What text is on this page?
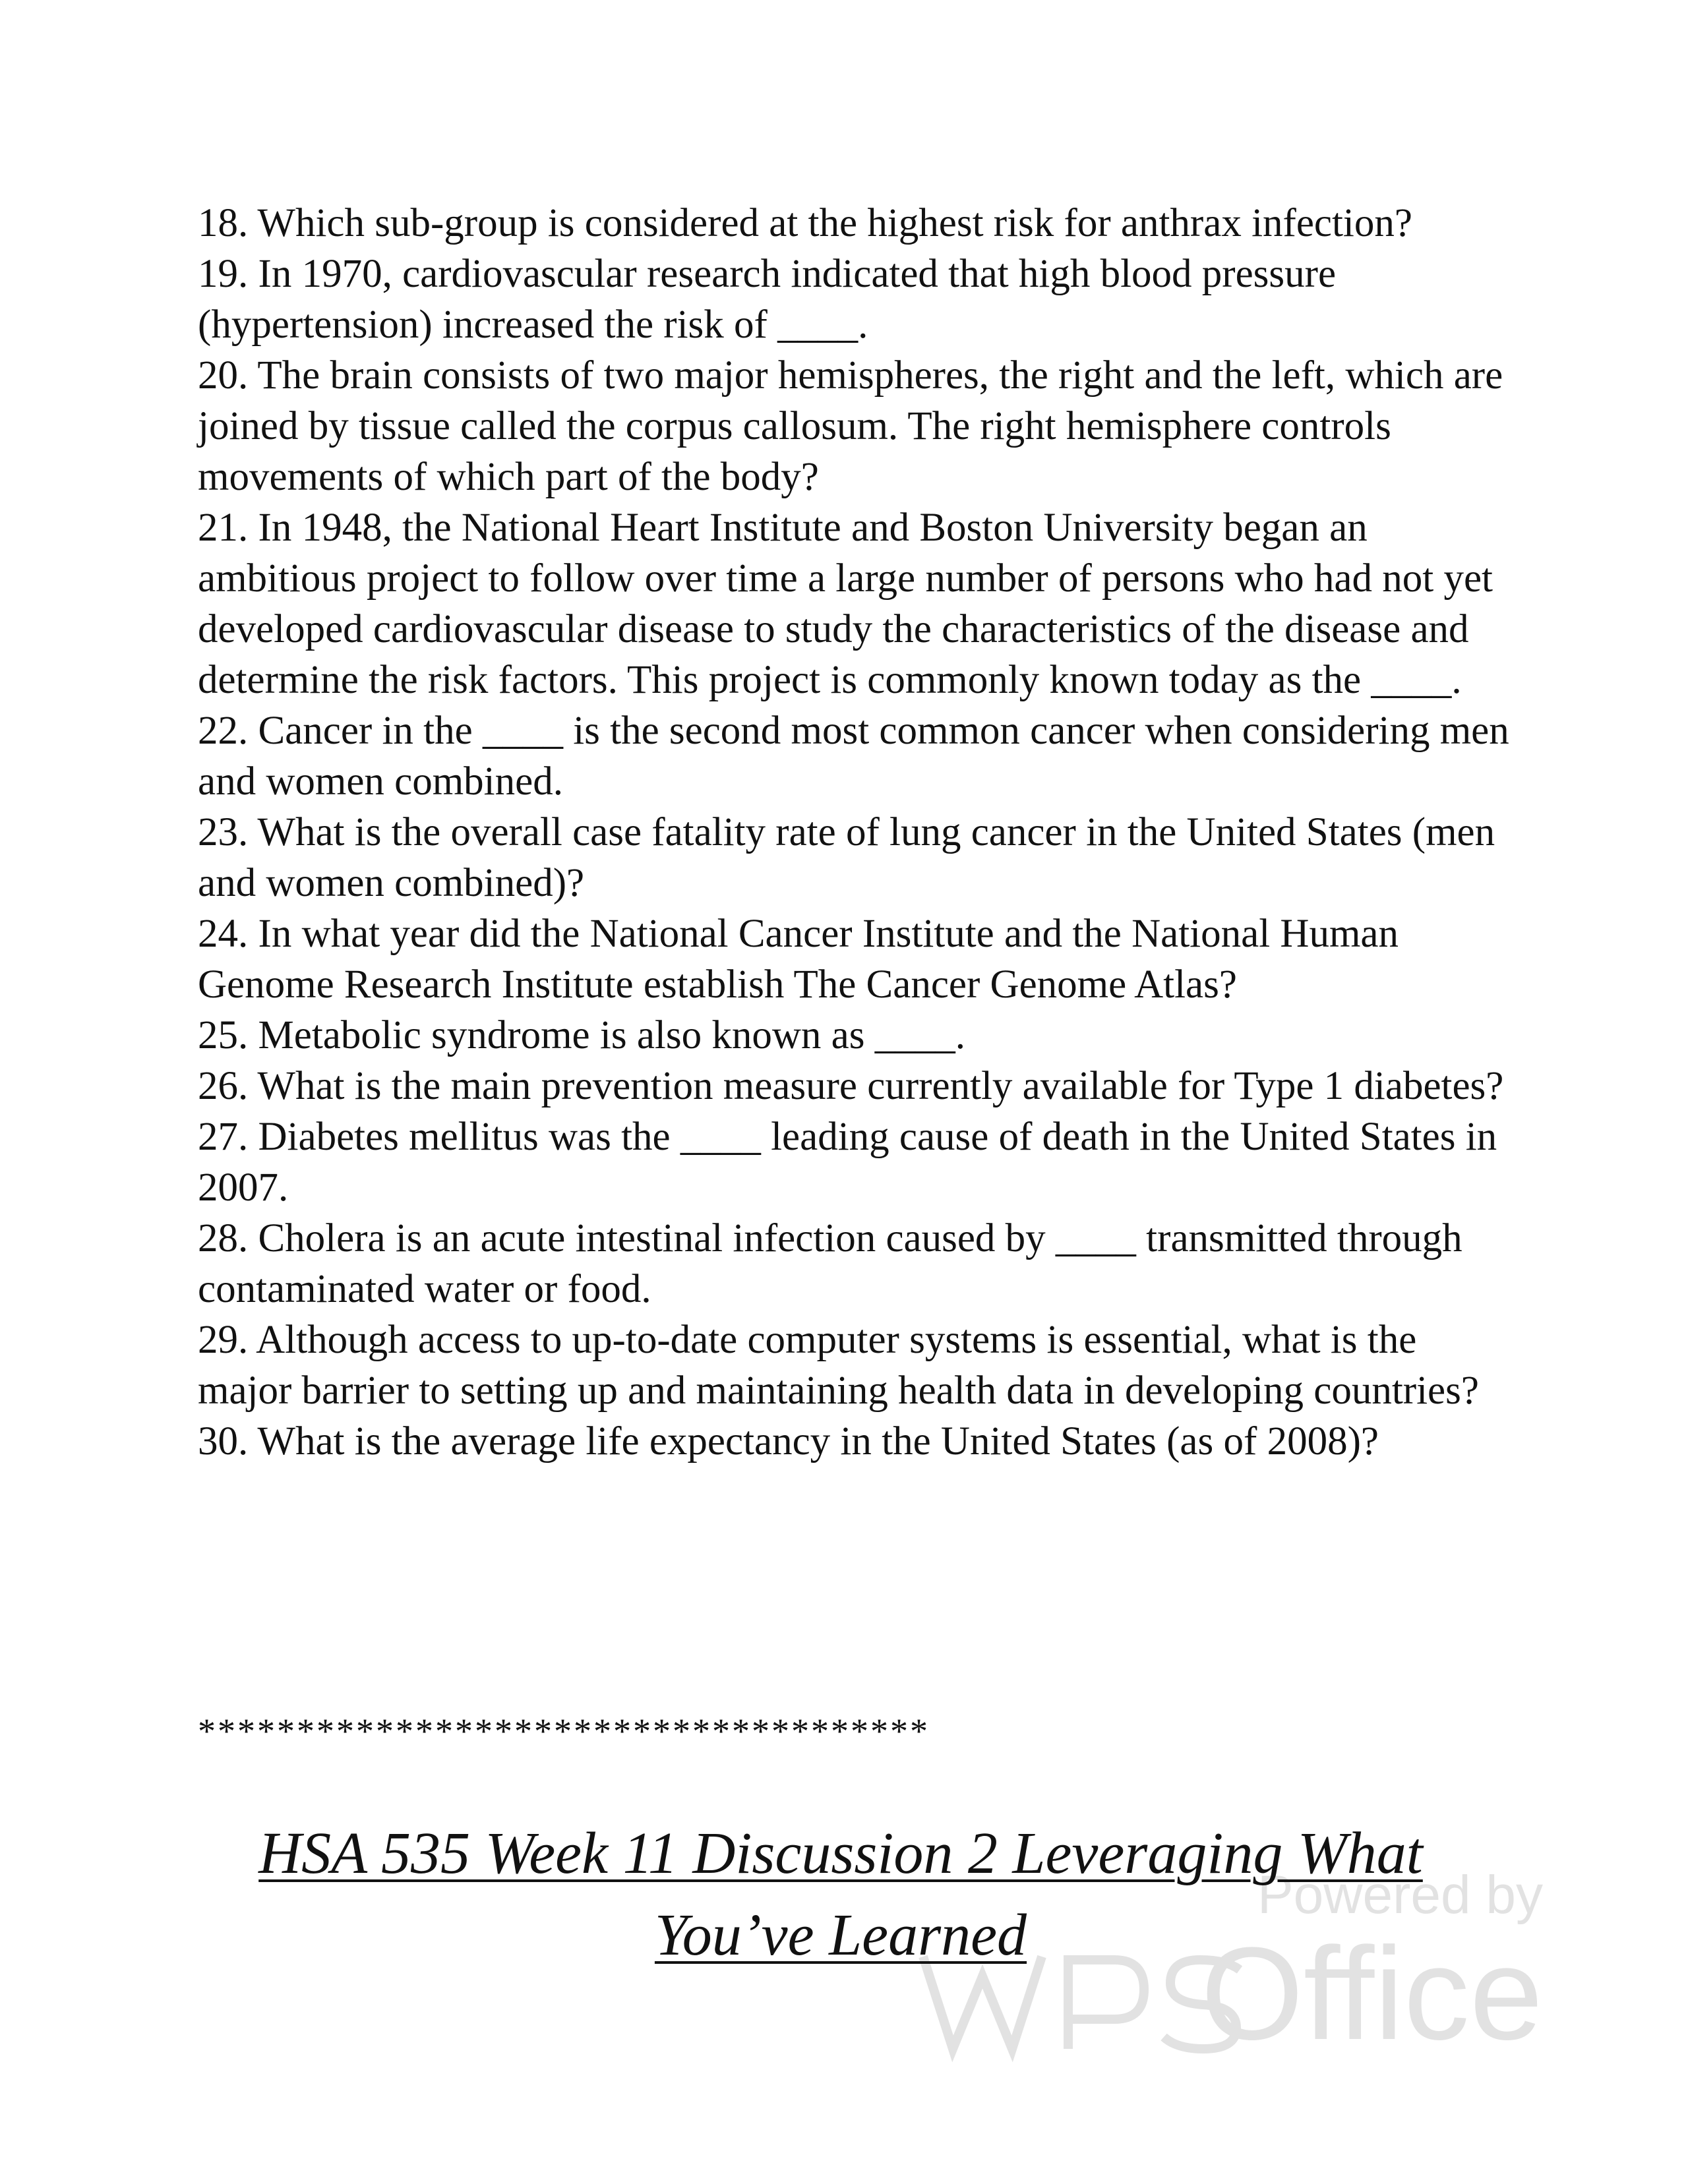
18. Which sub-group is considered at the highest risk for anthrax infection?

19. In 1970, cardiovascular research indicated that high blood pressure (hypertension) increased the risk of ____.

20. The brain consists of two major hemispheres, the right and the left, which are joined by tissue called the corpus callosum. The right hemisphere controls movements of which part of the body?

21. In 1948, the National Heart Institute and Boston University began an ambitious project to follow over time a large number of persons who had not yet developed cardiovascular disease to study the characteristics of the disease and determine the risk factors. This project is commonly known today as the ____.

22. Cancer in the ____ is the second most common cancer when considering men and women combined.

23. What is the overall case fatality rate of lung cancer in the United States (men and women combined)?

24. In what year did the National Cancer Institute and the National Human Genome Research Institute establish The Cancer Genome Atlas?

25. Metabolic syndrome is also known as ____.

26. What is the main prevention measure currently available for Type 1 diabetes?

27. Diabetes mellitus was the ____ leading cause of death in the United States in 2007.

28. Cholera is an acute intestinal infection caused by ____ transmitted through contaminated water or food.

29. Although access to up-to-date computer systems is essential, what is the major barrier to setting up and maintaining health data in developing countries?

30. What is the average life expectancy in the United States (as of 2008)?

*************************************
Powered by
Office
HSA 535 Week 11 Discussion 2 Leveraging What
You’ve Learned
